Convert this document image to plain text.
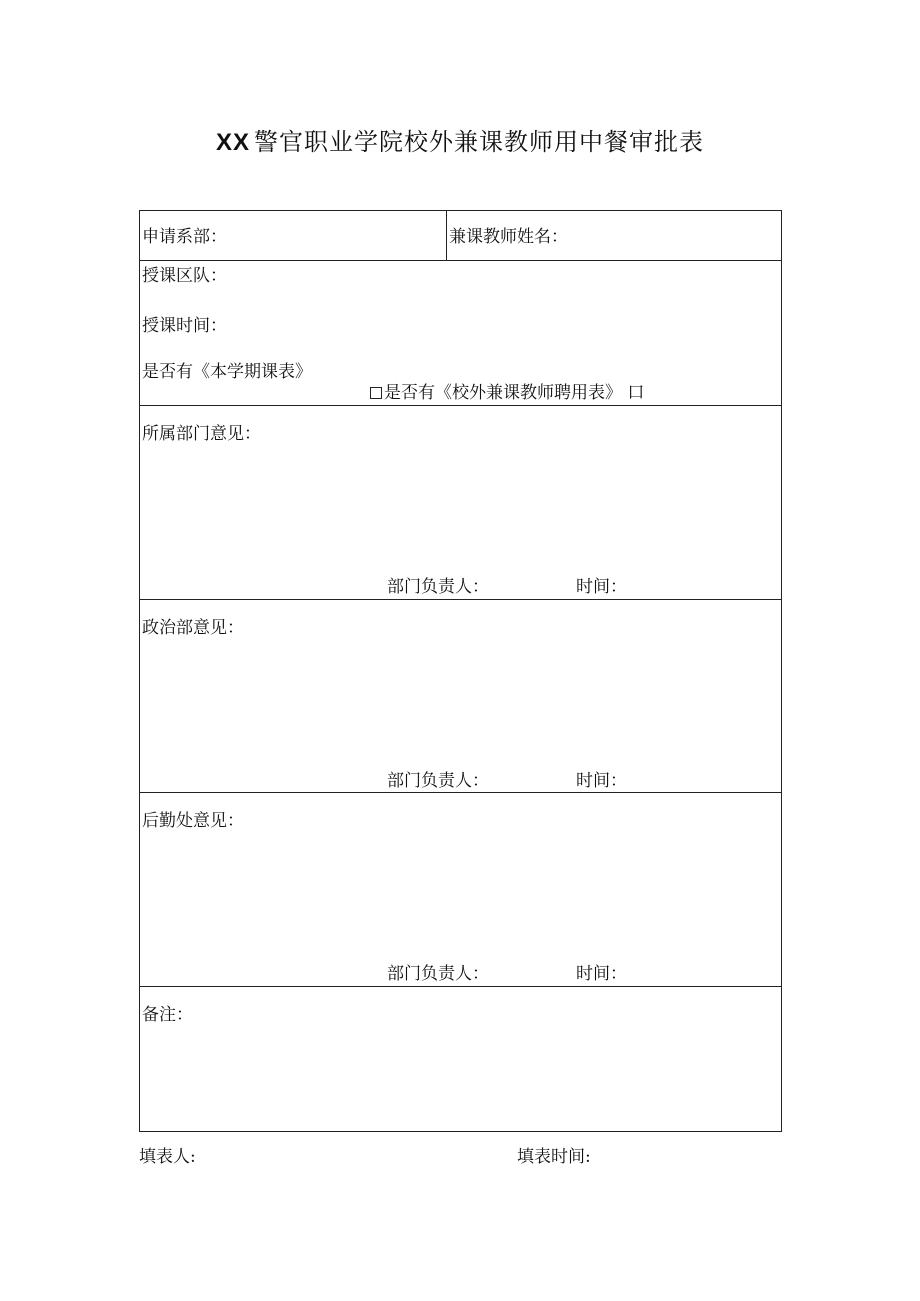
XX 警官职业学院校外兼课教师用中餐审批表
申请系部：	兼课教师姓名：
授课区队：
授课时间：
是否有《本学期课表》
是否有《校外兼课教师聘用表》 口
所属部门意见：
部门负责人：	时间：
政治部意见：
部门负责人：	时间：
后勤处意见：
部门负责人：	时间：
备注：
填表人:	填表时间:
